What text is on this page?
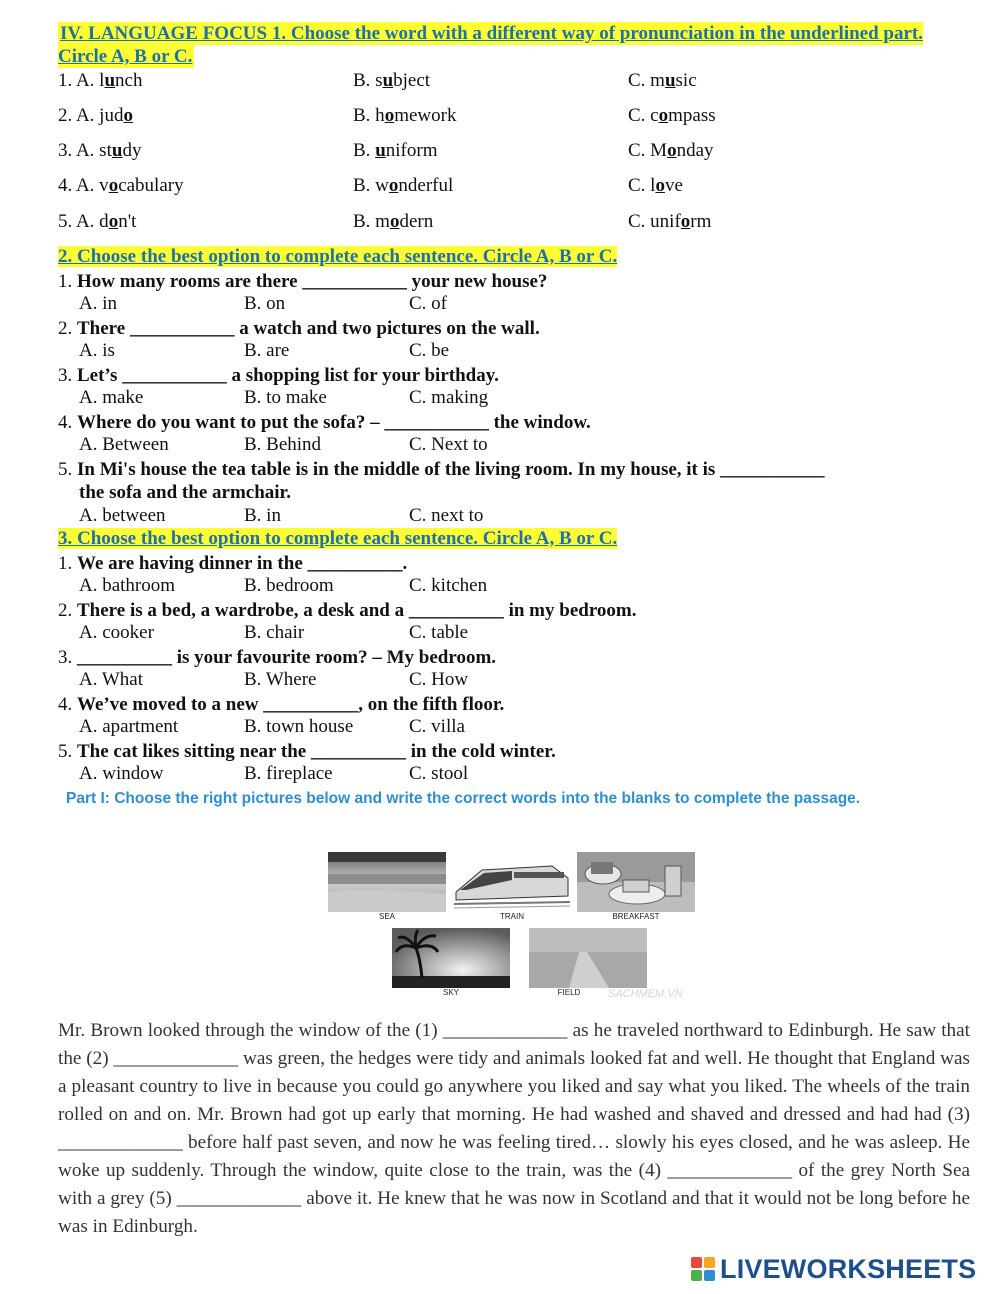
IV. LANGUAGE FOCUS 1. Choose the word with a different way of pronunciation in the underlined part. Circle A, B or C.
1. A. lunch	B. subject	C. music
2. A. judo	B. homework	C. compass
3. A. study	B. uniform	C. Monday
4. A. vocabulary	B. wonderful	C. love
5. A. don't	B. modern	C. uniform
2. Choose the best option to complete each sentence. Circle A, B or C.
1. How many rooms are there ___________ your new house?
A. in	B. on	C. of
2. There ___________ a watch and two pictures on the wall.
A. is	B. are	C. be
3. Let’s ___________ a shopping list for your birthday.
A. make	B. to make	C. making
4. Where do you want to put the sofa? – ___________ the window.
A. Between	B. Behind	C. Next to
5. In Mi's house the tea table is in the middle of the living room. In my house, it is ___________
the sofa and the armchair.
A. between	B. in	C. next to
3. Choose the best option to complete each sentence. Circle A, B or C.
1. We are having dinner in the __________.
A. bathroom	B. bedroom	C. kitchen
2. There is a bed, a wardrobe, a desk and a __________ in my bedroom.
A. cooker	B. chair	C. table
3. __________ is your favourite room? – My bedroom.
A. What	B. Where	C. How
4. We’ve moved to a new __________, on the fifth floor.
A. apartment	B. town house	C. villa
5. The cat likes sitting near the __________ in the cold winter.
A. window	B. fireplace	C. stool
Part I: Choose the right pictures below and write the correct words into the blanks to complete the passage.
SEA	TRAIN	BREAKFAST
SKY	FIELD	SACHMEM.VN
Mr. Brown looked through the window of the (1) _____________ as he traveled northward to Edinburgh. He saw that the (2) _____________ was green, the hedges were tidy and animals looked fat and well. He thought that England was a pleasant country to live in because you could go anywhere you liked and say what you liked. The wheels of the train rolled on and on. Mr. Brown had got up early that morning. He had washed and shaved and dressed and had had (3) _____________ before half past seven, and now he was feeling tired… slowly his eyes closed, and he was asleep. He woke up suddenly. Through the window, quite close to the train, was the (4) _____________ of the grey North Sea with a grey (5) _____________ above it. He knew that he was now in Scotland and that it would not be long before he was in Edinburgh.
LIVEWORKSHEETS
